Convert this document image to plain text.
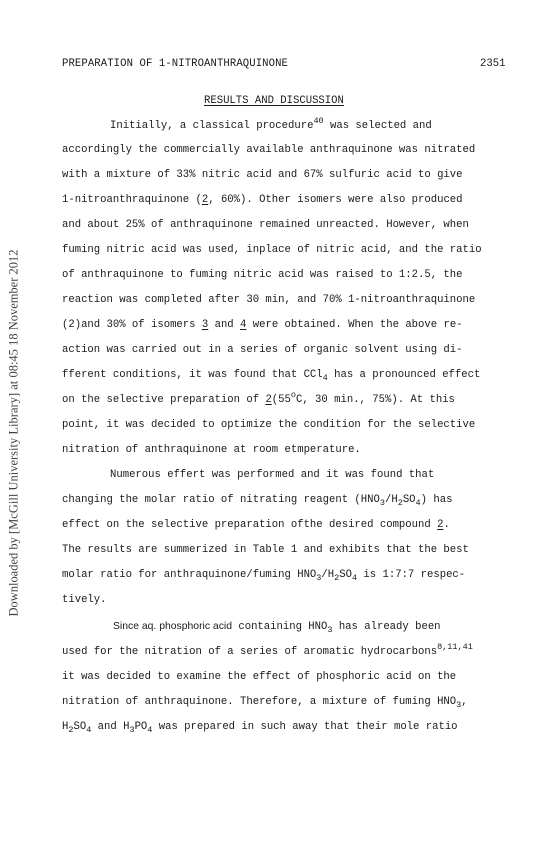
PREPARATION OF 1-NITROANTHRAQUINONE	2351
RESULTS AND DISCUSSION
Downloaded by [McGill University Library] at 08:45 18 November 2012
Initially, a classical procedure$^{40}$ was selected and
accordingly the commercially available anthraquinone was nitrated
with a mixture of 33% nitric acid and 67% sulfuric acid to give
1-nitroanthraquinone (2, 60%). Other isomers were also produced
and about 25% of anthraquinone remained unreacted. However, when
fuming nitric acid was used, inplace of nitric acid, and the ratio
of anthraquinone to fuming nitric acid was raised to 1:2.5, the
reaction was completed after 30 min, and 70% 1-nitroanthraquinone
(2)and 30% of isomers 3 and 4 were obtained. When the above re-
action was carried out in a series of organic solvent using di-
fferent conditions, it was found that CCl$_4$ has a pronounced effect
on the selective preparation of 2(55$^o$C, 30 min., 75%). At this
point, it was decided to optimize the condition for the selective
nitration of anthraquinone at room etmperature.
Numerous effert was performed and it was found that
changing the molar ratio of nitrating reagent $(HNO_3/H_2SO_4)$ has
effect on the selective preparation ofthe desired compound 2.
The results are summerized in Table 1 and exhibits that the best
molar ratio for anthraquinone/fuming $HNO_3/H_2SO_4$ is 1:7:7 respec-
tively.
Since aq. phosphoric acid containing $HNO_3$ has already been
used for the nitration of a series of aromatic hydrocarbons$^{8,11,41}$
it was decided to examine the effect of phosphoric acid on the
nitration of anthraquinone. Therefore, a mixture of fuming $HNO_3$,
$H_2SO_4$ and $H_3PO_4$ was prepared in such away that their mole ratio
